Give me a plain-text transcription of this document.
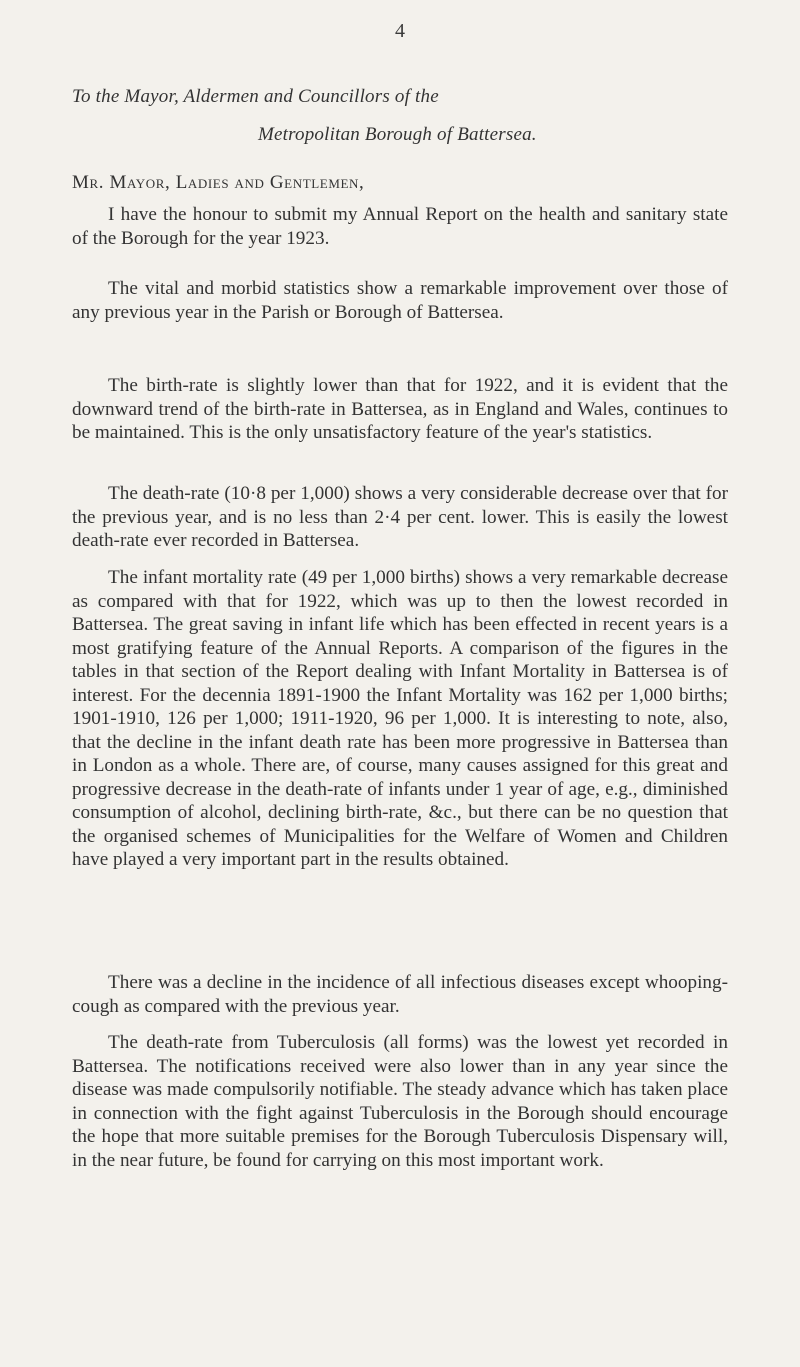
4
To the Mayor, Aldermen and Councillors of the
Metropolitan Borough of Battersea.
Mr. Mayor, Ladies and Gentlemen,

I have the honour to submit my Annual Report on the health and sanitary state of the Borough for the year 1923.

The vital and morbid statistics show a remarkable improvement over those of any previous year in the Parish or Borough of Battersea.

The birth-rate is slightly lower than that for 1922, and it is evident that the downward trend of the birth-rate in Battersea, as in England and Wales, continues to be maintained. This is the only unsatisfactory feature of the year's statistics.

The death-rate (10·8 per 1,000) shows a very considerable decrease over that for the previous year, and is no less than 2·4 per cent. lower. This is easily the lowest death-rate ever recorded in Battersea.

The infant mortality rate (49 per 1,000 births) shows a very remarkable decrease as compared with that for 1922, which was up to then the lowest recorded in Battersea. The great saving in infant life which has been effected in recent years is a most gratifying feature of the Annual Reports. A comparison of the figures in the tables in that section of the Report dealing with Infant Mortality in Battersea is of interest. For the decennia 1891-1900 the Infant Mortality was 162 per 1,000 births; 1901-1910, 126 per 1,000; 1911-1920, 96 per 1,000. It is interesting to note, also, that the decline in the infant death rate has been more progressive in Battersea than in London as a whole. There are, of course, many causes assigned for this great and progressive decrease in the death-rate of infants under 1 year of age, e.g., diminished consumption of alcohol, declining birth-rate, &c., but there can be no question that the organised schemes of Municipalities for the Welfare of Women and Children have played a very important part in the results obtained.

There was a decline in the incidence of all infectious diseases except whooping-cough as compared with the previous year.

The death-rate from Tuberculosis (all forms) was the lowest yet recorded in Battersea. The notifications received were also lower than in any year since the disease was made compulsorily notifiable. The steady advance which has taken place in connection with the fight against Tuberculosis in the Borough should encourage the hope that more suitable premises for the Borough Tuberculosis Dispensary will, in the near future, be found for carrying on this most important work.
